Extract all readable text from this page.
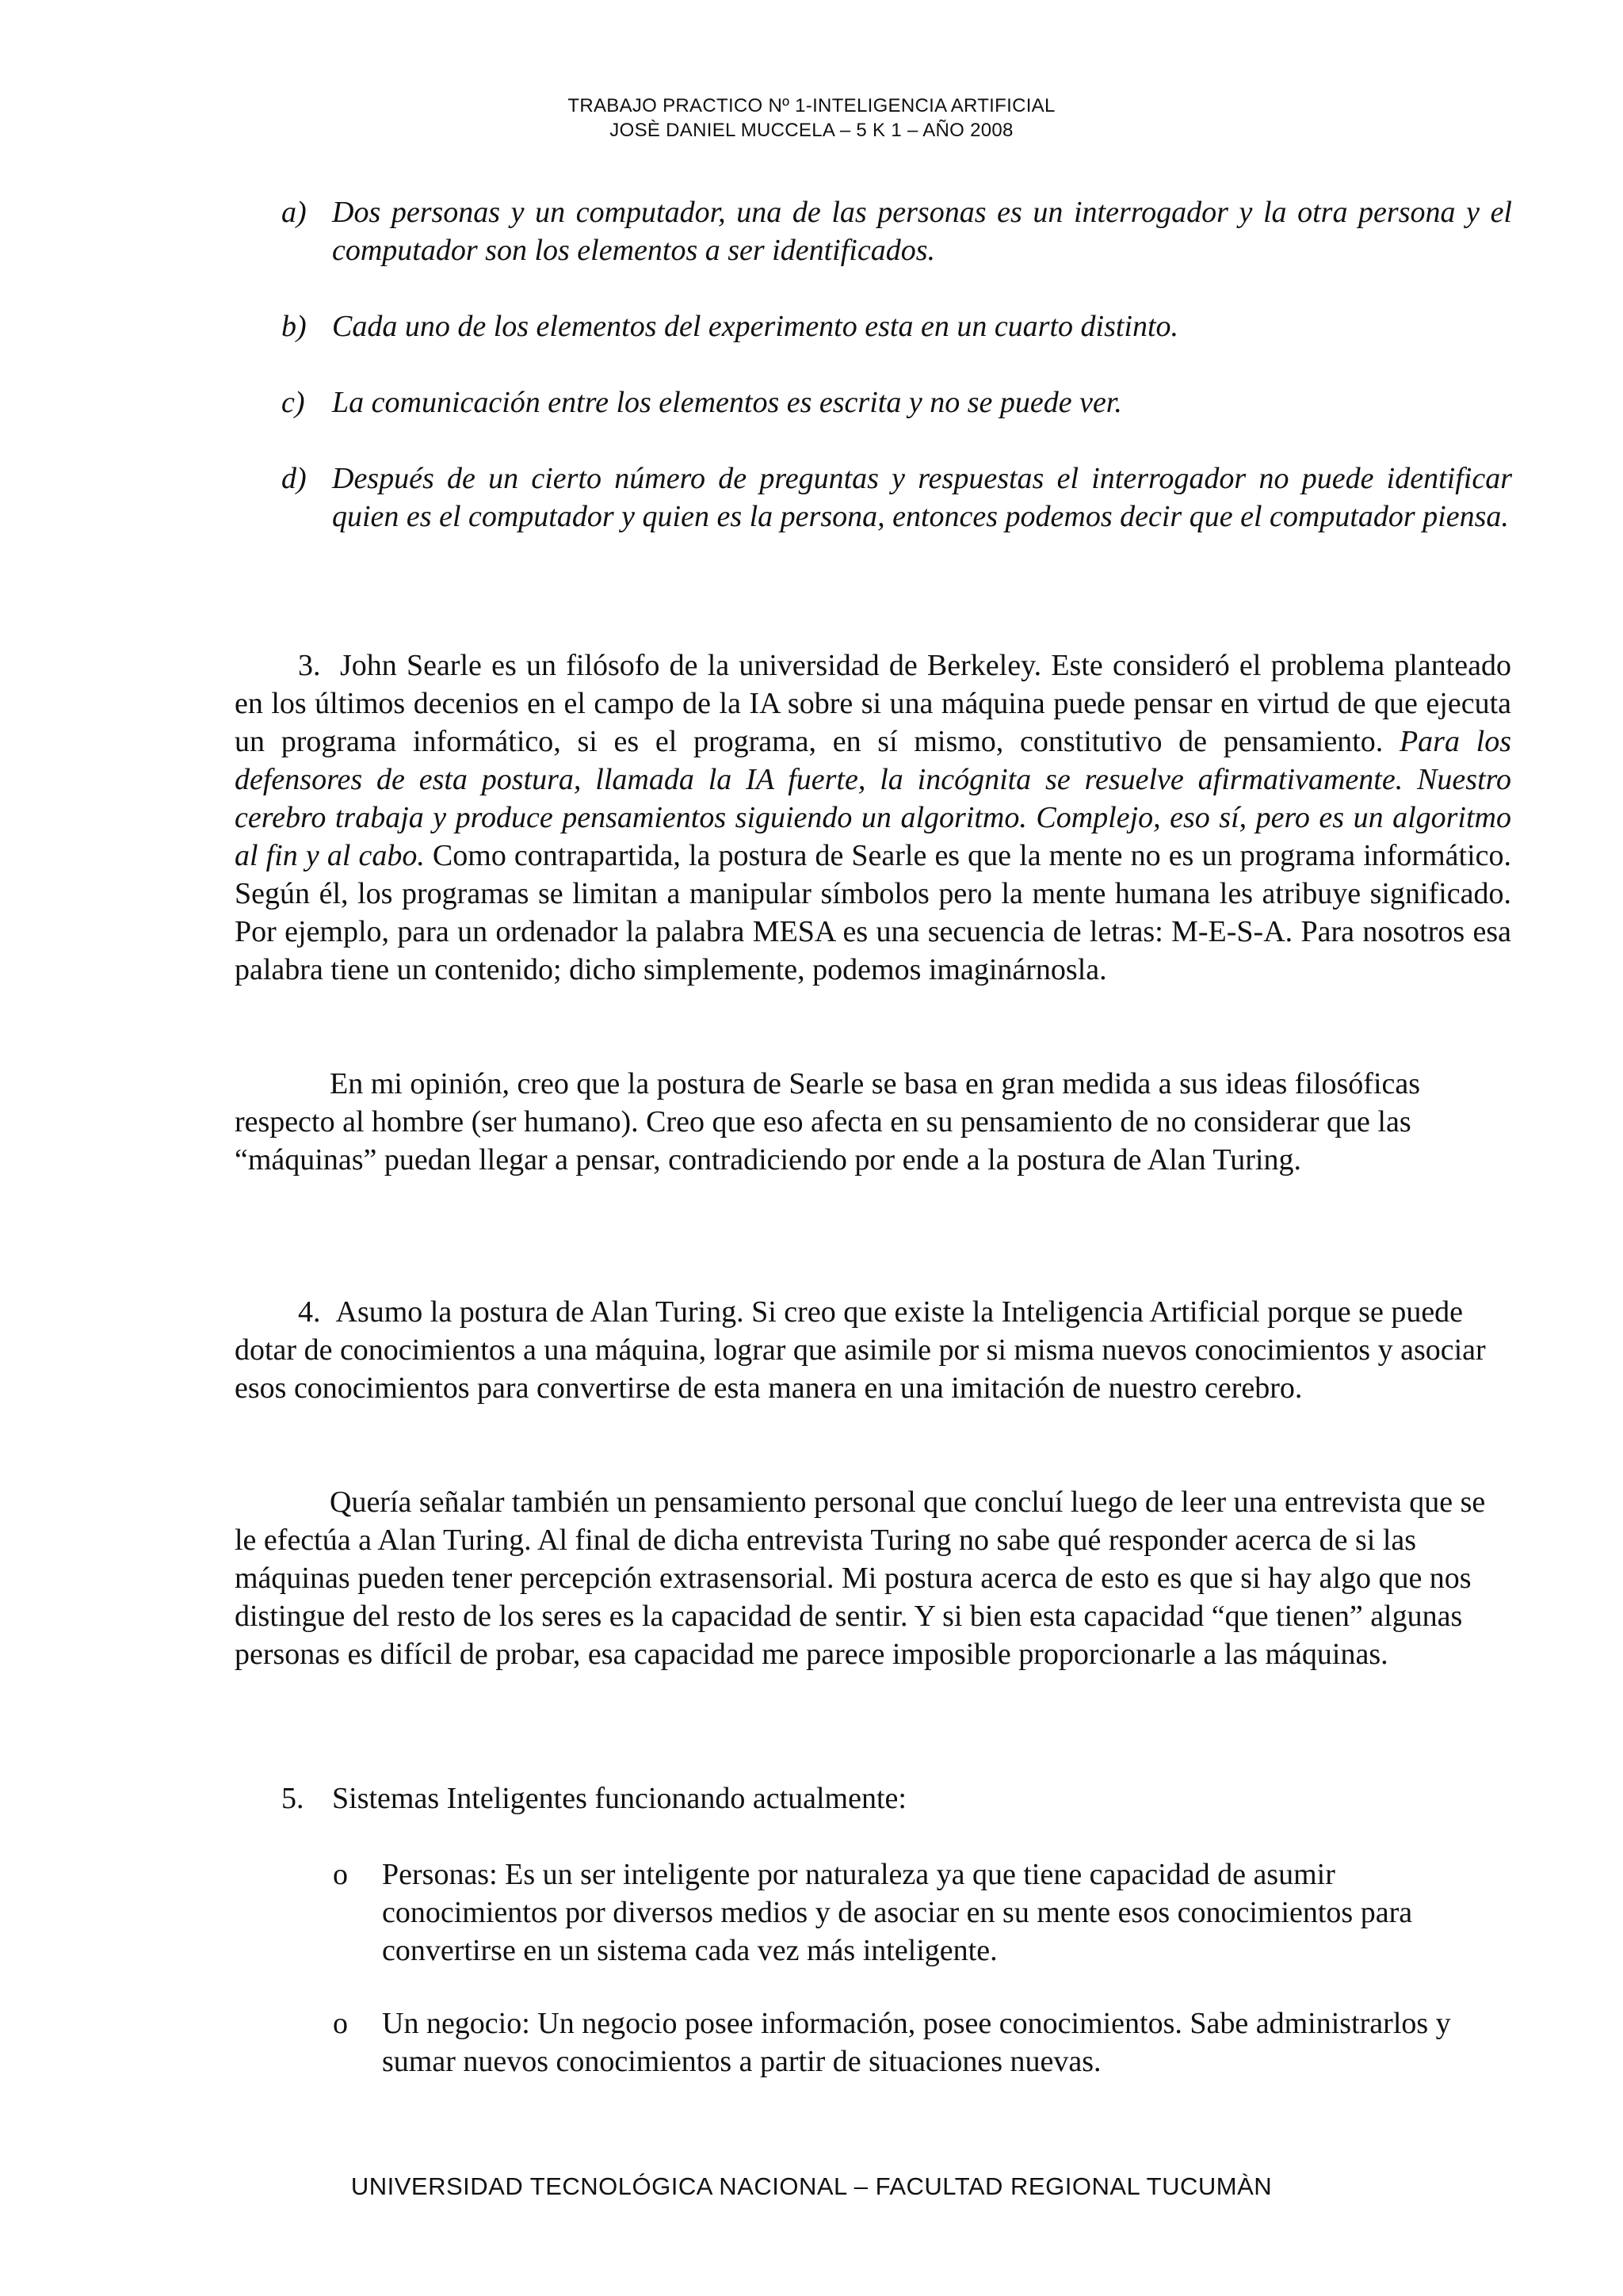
TRABAJO PRACTICO Nº 1-INTELIGENCIA ARTIFICIAL
JOSÈ DANIEL MUCCELA – 5 K 1 – AÑO 2008
a) Dos personas y un computador, una de las personas es un interrogador y la otra persona y el computador son los elementos a ser identificados.
b) Cada uno de los elementos del experimento esta en un cuarto distinto.
c) La comunicación entre los elementos es escrita y no se puede ver.
d) Después de un cierto número de preguntas y respuestas el interrogador no puede identificar quien es el computador y quien es la persona, entonces podemos decir que el computador piensa.

3. John Searle es un filósofo de la universidad de Berkeley. Este consideró el problema planteado en los últimos decenios en el campo de la IA sobre si una máquina puede pensar en virtud de que ejecuta un programa informático, si es el programa, en sí mismo, constitutivo de pensamiento. Para los defensores de esta postura, llamada la IA fuerte, la incógnita se resuelve afirmativamente. Nuestro cerebro trabaja y produce pensamientos siguiendo un algoritmo. Complejo, eso sí, pero es un algoritmo al fin y al cabo. Como contrapartida, la postura de Searle es que la mente no es un programa informático. Según él, los programas se limitan a manipular símbolos pero la mente humana les atribuye significado. Por ejemplo, para un ordenador la palabra MESA es una secuencia de letras: M-E-S-A. Para nosotros esa palabra tiene un contenido; dicho simplemente, podemos imaginárnosla.

En mi opinión, creo que la postura de Searle se basa en gran medida a sus ideas filosóficas respecto al hombre (ser humano). Creo que eso afecta en su pensamiento de no considerar que las “máquinas” puedan llegar a pensar, contradiciendo por ende a la postura de Alan Turing.

4. Asumo la postura de Alan Turing. Si creo que existe la Inteligencia Artificial porque se puede dotar de conocimientos a una máquina, lograr que asimile por si misma nuevos conocimientos y asociar esos conocimientos para convertirse de esta manera en una imitación de nuestro cerebro.

Quería señalar también un pensamiento personal que concluí luego de leer una entrevista que se le efectúa a Alan Turing. Al final de dicha entrevista Turing no sabe qué responder acerca de si las máquinas pueden tener percepción extrasensorial. Mi postura acerca de esto es que si hay algo que nos distingue del resto de los seres es la capacidad de sentir. Y si bien esta capacidad “que tienen” algunas personas es difícil de probar, esa capacidad me parece imposible proporcionarle a las máquinas.

5. Sistemas Inteligentes funcionando actualmente:
o Personas: Es un ser inteligente por naturaleza ya que tiene capacidad de asumir conocimientos por diversos medios y de asociar en su mente esos conocimientos para convertirse en un sistema cada vez más inteligente.
o Un negocio: Un negocio posee información, posee conocimientos. Sabe administrarlos y sumar nuevos conocimientos a partir de situaciones nuevas.
UNIVERSIDAD TECNOLÓGICA NACIONAL – FACULTAD REGIONAL TUCUMÀN
